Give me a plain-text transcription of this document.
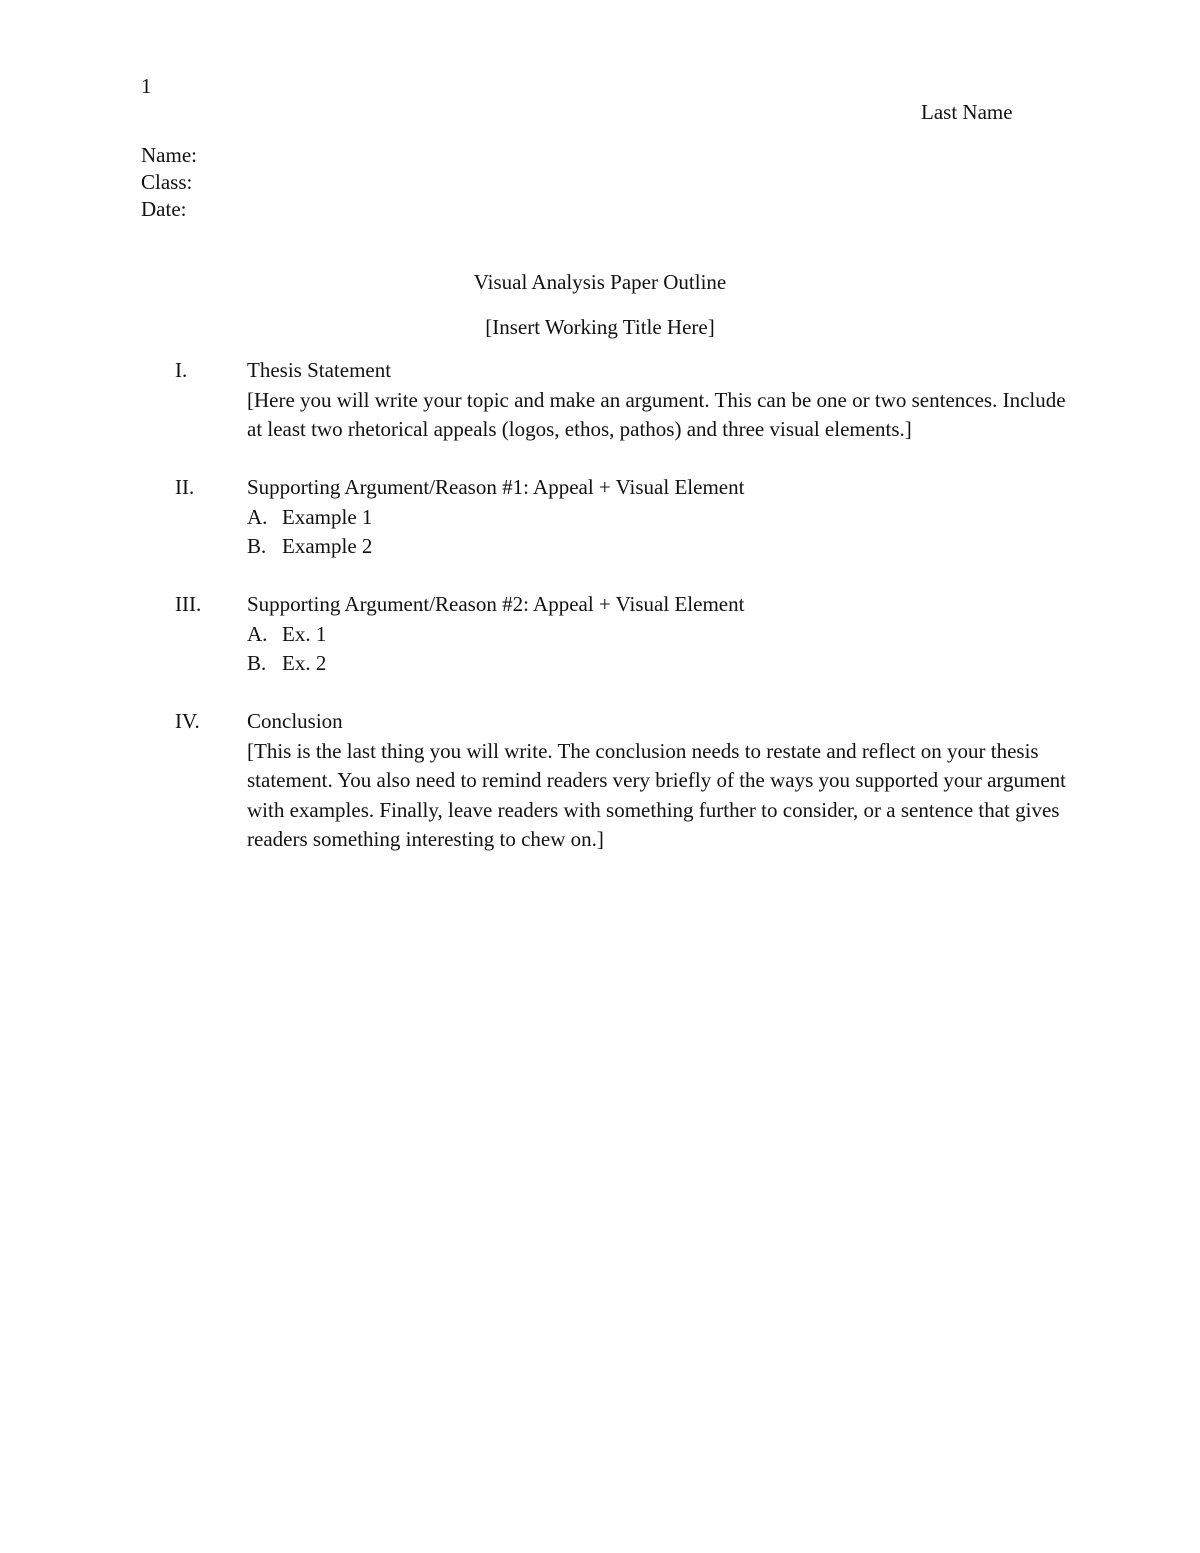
1
Last Name
Name:
Class:
Date:
Visual Analysis Paper Outline
[Insert Working Title Here]
I.	Thesis Statement
[Here you will write your topic and make an argument. This can be one or two sentences. Include at least two rhetorical appeals (logos, ethos, pathos) and three visual elements.]
II.	Supporting Argument/Reason #1: Appeal + Visual Element
A. Example 1
B. Example 2
III. Supporting Argument/Reason #2: Appeal + Visual Element
A. Ex. 1
B. Ex. 2
IV. Conclusion
[This is the last thing you will write. The conclusion needs to restate and reflect on your thesis statement. You also need to remind readers very briefly of the ways you supported your argument with examples. Finally, leave readers with something further to consider, or a sentence that gives readers something interesting to chew on.]
